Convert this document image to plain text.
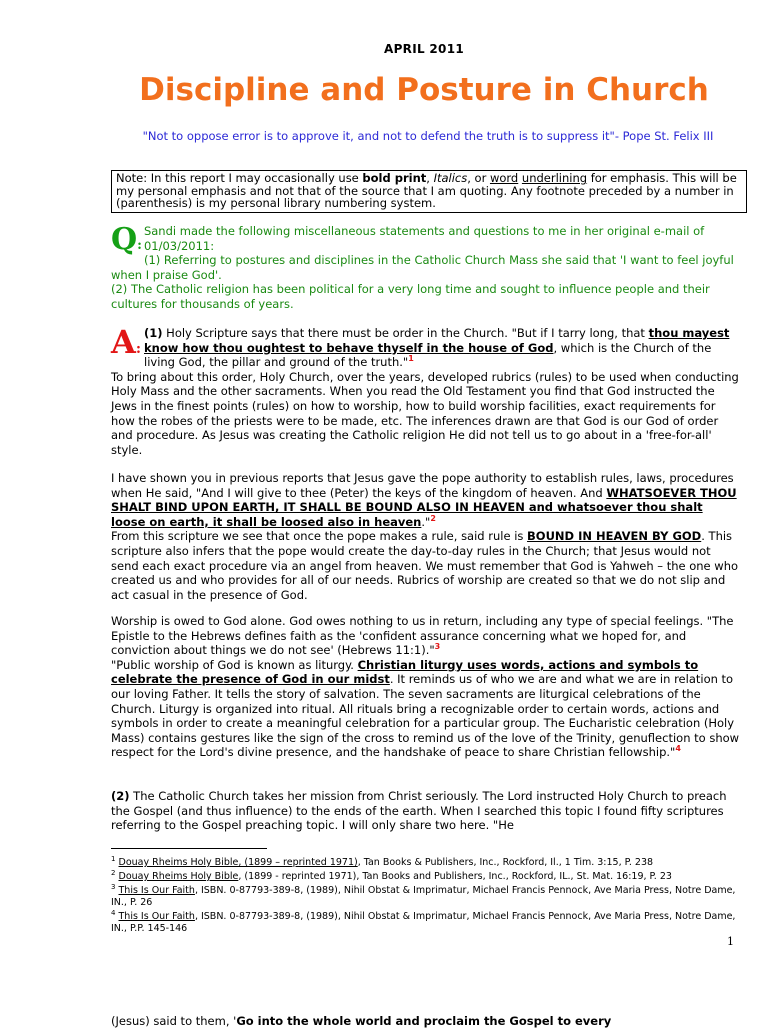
APRIL 2011
Discipline and Posture in Church
"Not to oppose error is to approve it, and not to defend the truth is to suppress it"- Pope St. Felix III
Note: In this report I may occasionally use bold print, Italics, or word underlining for emphasis. This will be my personal emphasis and not that of the source that I am quoting. Any footnote preceded by a number in (parenthesis) is my personal library numbering system.
Q:
Sandi made the following miscellaneous statements and questions to me in her original e-mail of 01/03/2011:
(1) Referring to postures and disciplines in the Catholic Church Mass she said that 'I want to feel joyful when I praise God'.
(2) The Catholic religion has been political for a very long time and sought to influence people and their cultures for thousands of years.
A:
(1) Holy Scripture says that there must be order in the Church. "But if I tarry long, that thou mayest know how thou oughtest to behave thyself in the house of God, which is the Church of the living God, the pillar and ground of the truth."$^1$
To bring about this order, Holy Church, over the years, developed rubrics (rules) to be used when conducting Holy Mass and the other sacraments. When you read the Old Testament you find that God instructed the Jews in the finest points (rules) on how to worship, how to build worship facilities, exact requirements for how the robes of the priests were to be made, etc. The inferences drawn are that God is our God of order and procedure. As Jesus was creating the Catholic religion He did not tell us to go about in a 'free-for-all' style.
I have shown you in previous reports that Jesus gave the pope authority to establish rules, laws, procedures when He said, "And I will give to thee (Peter) the keys of the kingdom of heaven. And WHATSOEVER THOU SHALT BIND UPON EARTH, IT SHALL BE BOUND ALSO IN HEAVEN and whatsoever thou shalt loose on earth, it shall be loosed also in heaven."$^2$
From this scripture we see that once the pope makes a rule, said rule is BOUND IN HEAVEN BY GOD. This scripture also infers that the pope would create the day-to-day rules in the Church; that Jesus would not send each exact procedure via an angel from heaven. We must remember that God is Yahweh – the one who created us and who provides for all of our needs. Rubrics of worship are created so that we do not slip and act casual in the presence of God.
Worship is owed to God alone. God owes nothing to us in return, including any type of special feelings. "The Epistle to the Hebrews defines faith as the 'confident assurance concerning what we hoped for, and conviction about things we do not see' (Hebrews 11:1)."$^3$
"Public worship of God is known as liturgy. Christian liturgy uses words, actions and symbols to celebrate the presence of God in our midst. It reminds us of who we are and what we are in relation to our loving Father. It tells the story of salvation. The seven sacraments are liturgical celebrations of the Church. Liturgy is organized into ritual. All rituals bring a recognizable order to certain words, actions and symbols in order to create a meaningful celebration for a particular group. The Eucharistic celebration (Holy Mass) contains gestures like the sign of the cross to remind us of the love of the Trinity, genuflection to show respect for the Lord's divine presence, and the handshake of peace to share Christian fellowship."$^4$
(2) The Catholic Church takes her mission from Christ seriously. The Lord instructed Holy Church to preach the Gospel (and thus influence) to the ends of the earth. When I searched this topic I found fifty scriptures referring to the Gospel preaching topic. I will only share two here. "He
$^1$ Douay Rheims Holy Bible, (1899 – reprinted 1971), Tan Books & Publishers, Inc., Rockford, Il., 1 Tim. 3:15, P. 238
$^2$ Douay Rheims Holy Bible, (1899 - reprinted 1971), Tan Books and Publishers, Inc., Rockford, IL., St. Mat. 16:19, P. 23
$^3$ This Is Our Faith, ISBN. 0-87793-389-8, (1989), Nihil Obstat & Imprimatur, Michael Francis Pennock, Ave Maria Press, Notre Dame, IN., P. 26
$^4$ This Is Our Faith, ISBN. 0-87793-389-8, (1989), Nihil Obstat & Imprimatur, Michael Francis Pennock, Ave Maria Press, Notre Dame, IN., P.P. 145-146
1
(Jesus) said to them, 'Go into the whole world and proclaim the Gospel to every
